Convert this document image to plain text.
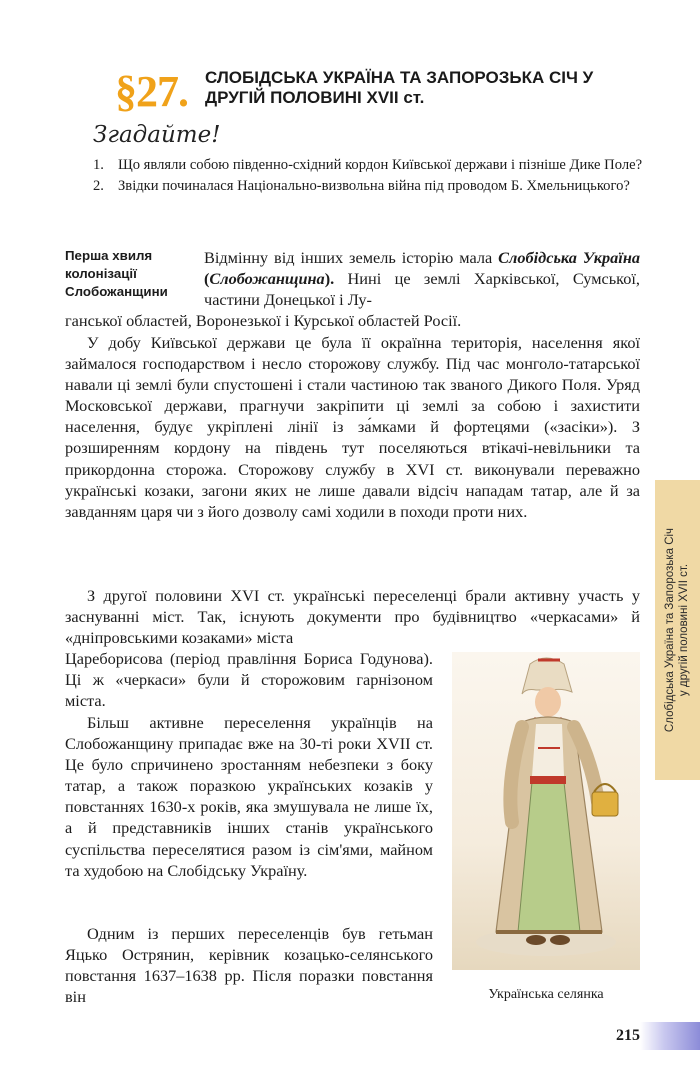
§27. СЛОБІДСЬКА УКРАЇНА ТА ЗАПОРОЗЬКА СІЧ У ДРУГІЙ ПОЛОВИНІ XVII ст.
Згадайте!
1. Що являли собою південно-східний кордон Київської держави і пізніше Дике Поле?
2. Звідки починалася Національно-визвольна війна під проводом Б. Хмельницького?
Перша хвиля колонізації Слобожанщини

Відмінну від інших земель історію мала Слобідська Україна (Слобожанщина). Нині це землі Харківської, Сумської, частини Донецької і Лу-

ганської областей, Воронезької і Курської областей Росії.

У добу Київської держави це була її окраїнна територія, населення якої займалося господарством і несло сторожову службу. Під час монголо-татарської навали ці землі були спустошені і стали частиною так званого Дикого Поля. Уряд Московської держави, прагнучи закріпити ці землі за собою і захистити населення, будує укріплені лінії із за́мками й фортецями («засіки»). З розширенням кордону на південь тут поселяються втікачі-невільники та прикордонна сторожа. Сторожову службу в XVI ст. виконували переважно українські козаки, загони яких не лише давали відсіч нападам татар, але й за завданням царя чи з його дозволу самі ходили в походи проти них.

З другої половини XVI ст. українські переселенці брали активну участь у заснуванні міст. Так, існують документи про будівництво «черкасами» й «дніпровськими козаками» міста

Цареборисова (період правління Бориса Годунова). Ці ж «черкаси» були й сторожовим гарнізоном міста.

Більш активне переселення українців на Слобожанщину припадає вже на 30-ті роки XVII ст. Це було спричинено зростанням небезпеки з боку татар, а також поразкою українських козаків у повстаннях 1630-х років, яка змушувала не лише їх, а й представників інших станів українського суспільства переселятися разом із сім'ями, майном та худобою на Слобідську Україну.

Одним із перших переселенців був гетьман Яцько Острянин, керівник козацько-селянського повстання 1637–1638 рр. Після поразки повстання він	Українська селянка
Слобідська Україна та Запорозька Січ у другій половині XVII ст.
215
